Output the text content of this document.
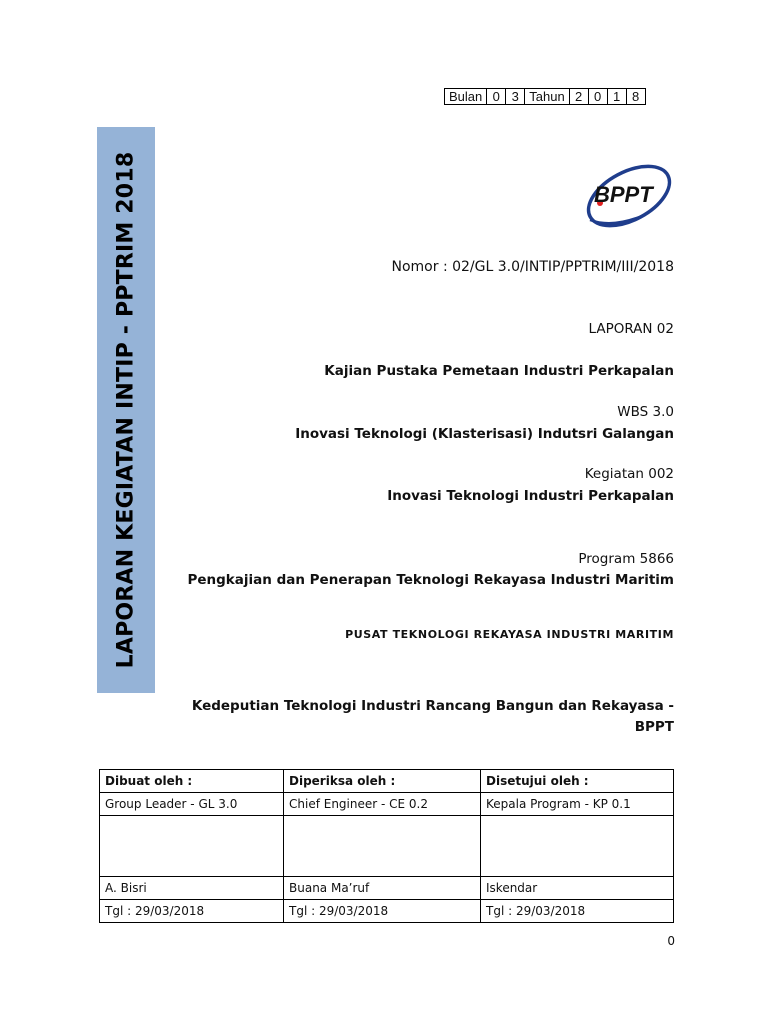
Bulan	0	3	Tahun	2	0	1	8
LAPORAN KEGIATAN INTIP - PPTRIM 2018	BPPT
Nomor : 02/GL 3.0/INTIP/PPTRIM/III/2018
LAPORAN 02
Kajian Pustaka Pemetaan Industri Perkapalan
WBS 3.0
Inovasi Teknologi (Klasterisasi) Indutsri Galangan
Kegiatan 002
Inovasi Teknologi Industri Perkapalan
Program 5866
Pengkajian dan Penerapan Teknologi Rekayasa Industri Maritim
PUSAT TEKNOLOGI REKAYASA INDUSTRI MARITIM
Kedeputian Teknologi Industri Rancang Bangun dan Rekayasa -
BPPT
Dibuat oleh :	Diperiksa oleh :	Disetujui oleh :
Group Leader - GL 3.0	Chief Engineer - CE 0.2	Kepala Program - KP 0.1

A. Bisri	Buana Ma’ruf	Iskendar
Tgl : 29/03/2018	Tgl : 29/03/2018	Tgl : 29/03/2018
0
